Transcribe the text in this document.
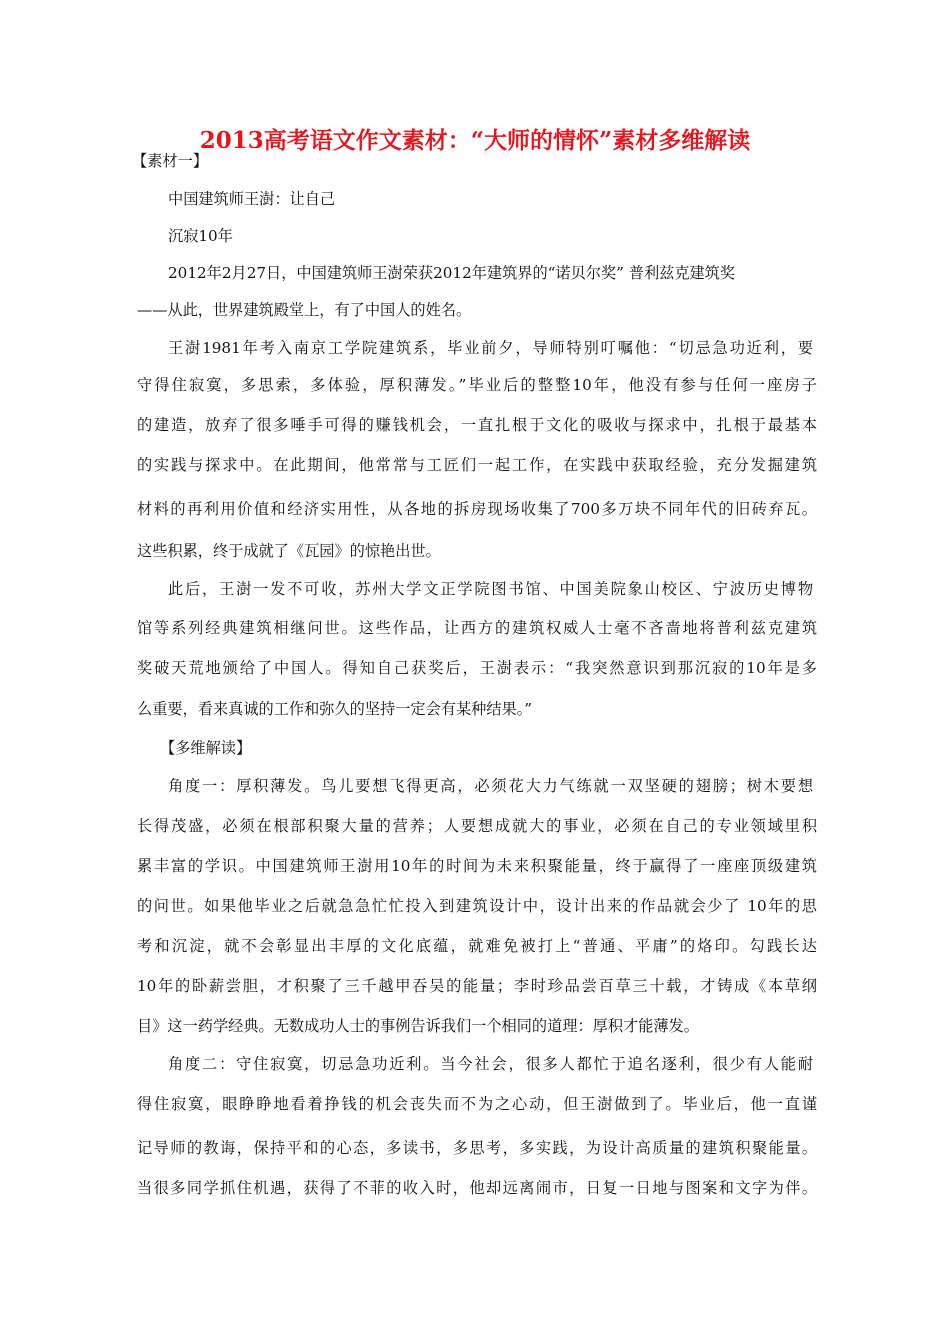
2013高考语文作文素材：“大师的情怀”素材多维解读
【素材一】
中国建筑师王澍：让自己
沉寂10年
2012年2月27日，中国建筑师王澍荣获2012年建筑界的“诺贝尔奖” 普利兹克建筑奖
——从此，世界建筑殿堂上，有了中国人的姓名。
王澍1981年考入南京工学院建筑系，毕业前夕，导师特别叮嘱他：“切忌急功近利，要
守得住寂寞，多思索，多体验，厚积薄发。”毕业后的整整10年，他没有参与任何一座房子
的建造，放弃了很多唾手可得的赚钱机会，一直扎根于文化的吸收与探求中，扎根于最基本
的实践与探求中。在此期间，他常常与工匠们一起工作，在实践中获取经验，充分发掘建筑
材料的再利用价值和经济实用性，从各地的拆房现场收集了700多万块不同年代的旧砖弃瓦。
这些积累，终于成就了《瓦园》的惊艳出世。
此后，王澍一发不可收，苏州大学文正学院图书馆、中国美院象山校区、宁波历史博物
馆等系列经典建筑相继问世。这些作品，让西方的建筑权威人士毫不吝啬地将普利兹克建筑
奖破天荒地颁给了中国人。得知自己获奖后，王澍表示：“我突然意识到那沉寂的10年是多
么重要，看来真诚的工作和弥久的坚持一定会有某种结果。”
【多维解读】
角度一：厚积薄发。鸟儿要想飞得更高，必须花大力气练就一双坚硬的翅膀；树木要想
长得茂盛，必须在根部积聚大量的营养；人要想成就大的事业，必须在自己的专业领域里积
累丰富的学识。中国建筑师王澍用10年的时间为未来积聚能量，终于赢得了一座座顶级建筑
的问世。如果他毕业之后就急急忙忙投入到建筑设计中，设计出来的作品就会少了 10年的思
考和沉淀，就不会彰显出丰厚的文化底蕴，就难免被打上“普通、平庸”的烙印。勾践长达
10年的卧薪尝胆，才积聚了三千越甲吞吴的能量；李时珍品尝百草三十载，才铸成《本草纲
目》这一药学经典。无数成功人士的事例告诉我们一个相同的道理：厚积才能薄发。
角度二：守住寂寞，切忌急功近利。当今社会，很多人都忙于追名逐利，很少有人能耐
得住寂寞，眼睁睁地看着挣钱的机会丧失而不为之心动，但王澍做到了。毕业后，他一直谨
记导师的教诲，保持平和的心态，多读书，多思考，多实践，为设计高质量的建筑积聚能量。
当很多同学抓住机遇，获得了不菲的收入时，他却远离闹市，日复一日地与图案和文字为伴。
